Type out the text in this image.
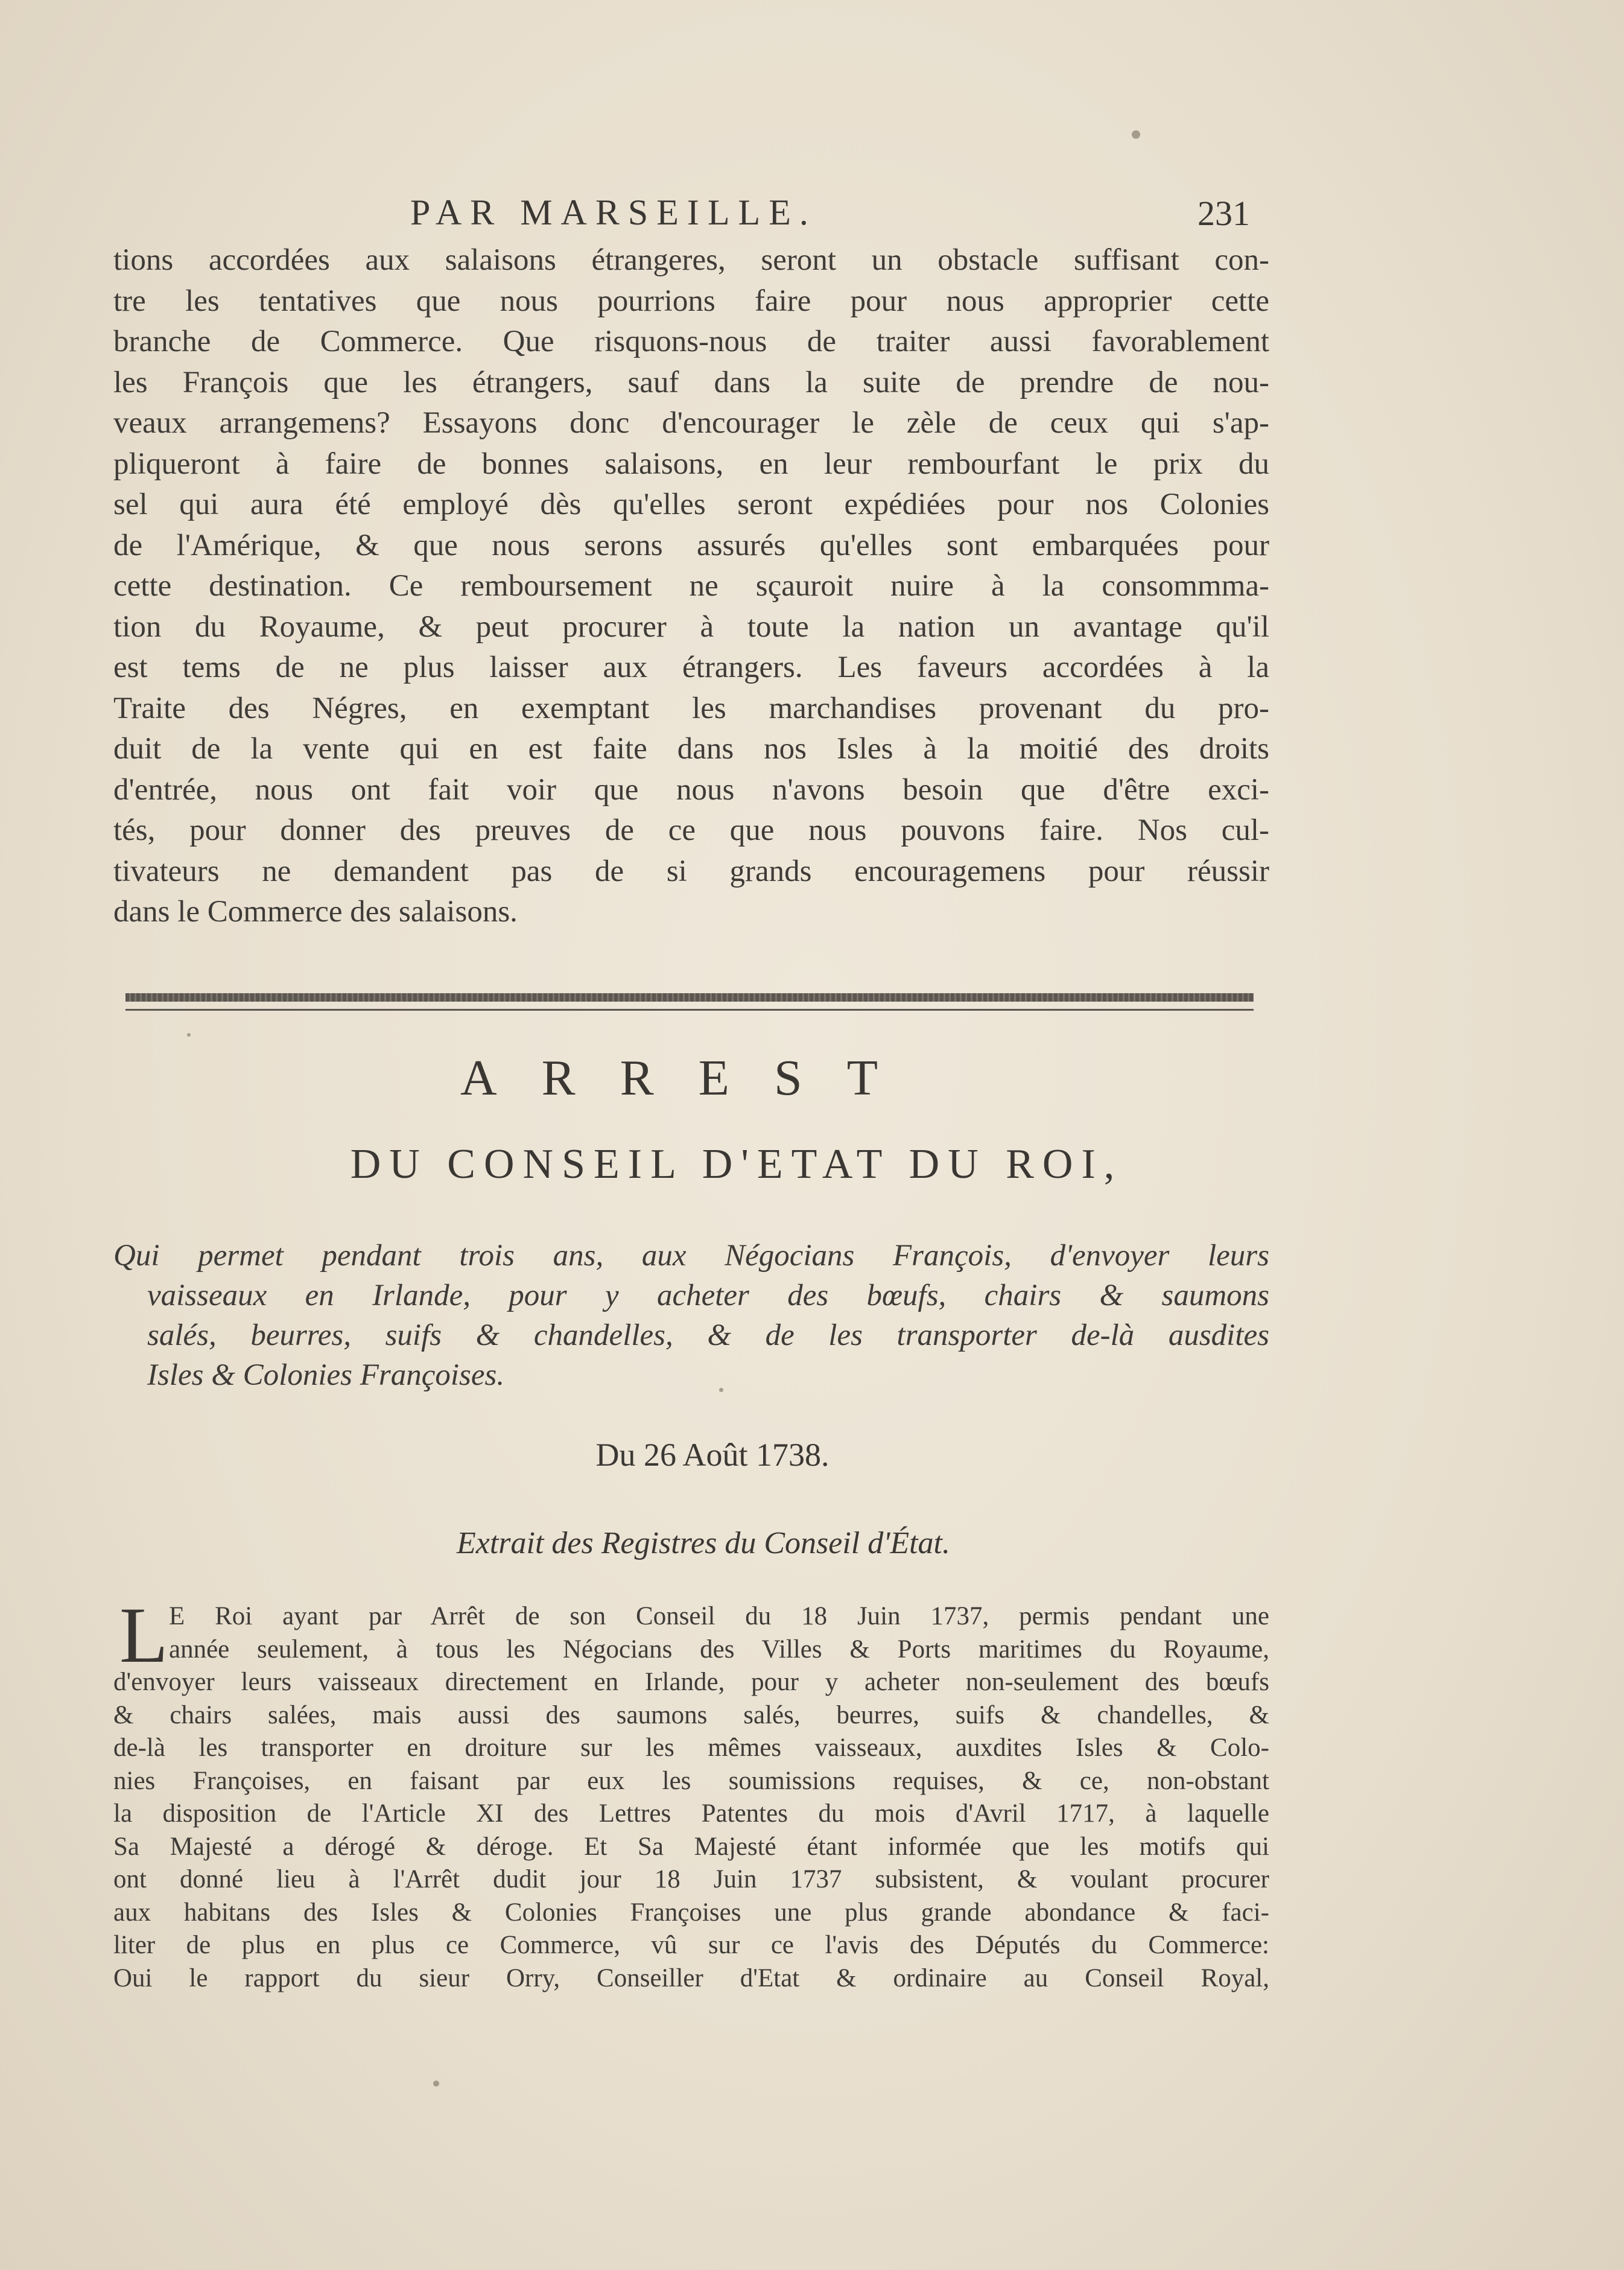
PAR MARSEILLE.	231
tions accordées aux salaisons étrangeres, seront un obstacle suffisant con-
tre les tentatives que nous pourrions faire pour nous approprier cette
branche de Commerce. Que risquons-nous de traiter aussi favorablement
les François que les étrangers, sauf dans la suite de prendre de nou-
veaux arrangemens? Essayons donc d'encourager le zèle de ceux qui s'ap-
pliqueront à faire de bonnes salaisons, en leur rembourfant le prix du
sel qui aura été employé dès qu'elles seront expédiées pour nos Colonies
de l'Amérique, & que nous serons assurés qu'elles sont embarquées pour
cette destination. Ce remboursement ne sçauroit nuire à la consommma-
tion du Royaume, & peut procurer à toute la nation un avantage qu'il
est tems de ne plus laisser aux étrangers. Les faveurs accordées à la
Traite des Négres, en exemptant les marchandises provenant du pro-
duit de la vente qui en est faite dans nos Isles à la moitié des droits
d'entrée, nous ont fait voir que nous n'avons besoin que d'être exci-
tés, pour donner des preuves de ce que nous pouvons faire. Nos cul-
tivateurs ne demandent pas de si grands encouragemens pour réussir
dans le Commerce des salaisons.
ARREST
DU CONSEIL D'ETAT DU ROI,
Qui permet pendant trois ans, aux Négocians François, d'envoyer leurs
vaisseaux en Irlande, pour y acheter des bœufs, chairs & saumons
salés, beurres, suifs & chandelles, & de les transporter de-là ausdites
Isles & Colonies Françoises.
Du 26 Août 1738.
Extrait des Registres du Conseil d'État.
L E Roi ayant par Arrêt de son Conseil du 18 Juin 1737, permis pendant une
année seulement, à tous les Négocians des Villes & Ports maritimes du Royaume,
d'envoyer leurs vaisseaux directement en Irlande, pour y acheter non-seulement des bœufs
& chairs salées, mais aussi des saumons salés, beurres, suifs & chandelles, &
de-là les transporter en droiture sur les mêmes vaisseaux, auxdites Isles & Colo-
nies Françoises, en faisant par eux les soumissions requises, & ce, non-obstant
la disposition de l'Article XI des Lettres Patentes du mois d'Avril 1717, à laquelle
Sa Majesté a dérogé & déroge. Et Sa Majesté étant informée que les motifs qui
ont donné lieu à l'Arrêt dudit jour 18 Juin 1737 subsistent, & voulant procurer
aux habitans des Isles & Colonies Françoises une plus grande abondance & faci-
liter de plus en plus ce Commerce, vû sur ce l'avis des Députés du Commerce:
Oui le rapport du sieur Orry, Conseiller d'Etat & ordinaire au Conseil Royal,
